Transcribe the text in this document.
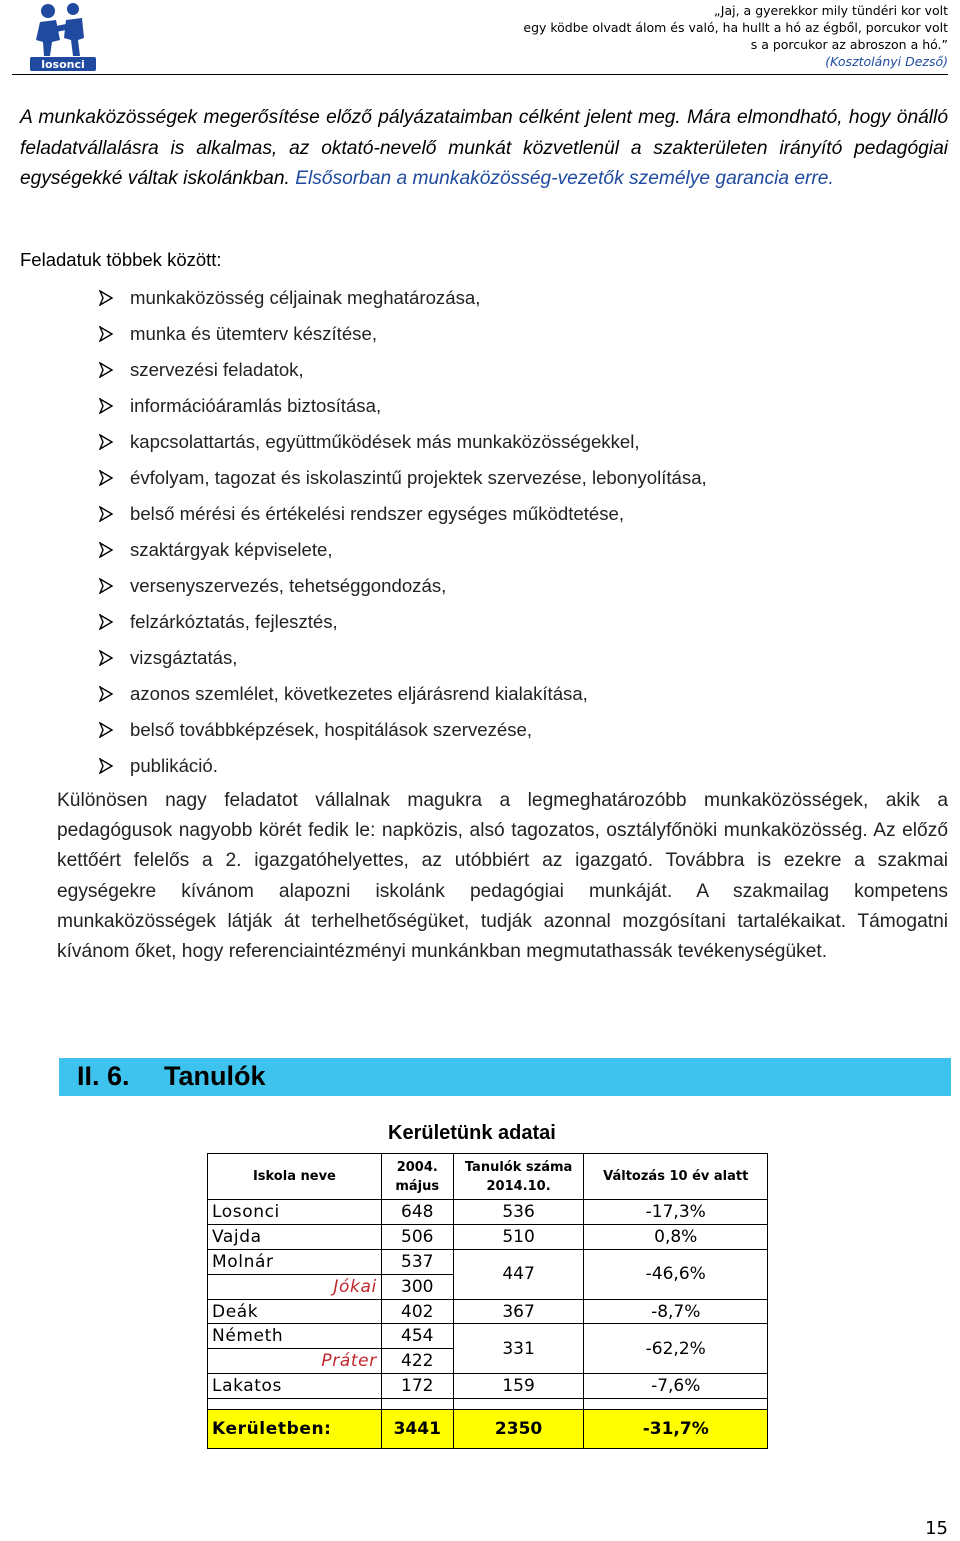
losonci
„Jaj, a gyerekkor mily tündéri kor volt
egy ködbe olvadt álom és való, ha hullt a hó az égből, porcukor volt
s a porcukor az abroszon a hó.”
(Kosztolányi Dezső)
A munkaközösségek megerősítése előző pályázataimban célként jelent meg. Mára elmondható, hogy önálló feladatvállalásra is alkalmas, az oktató-nevelő munkát közvetlenül a szakterületen irányító pedagógiai egységekké váltak iskolánkban. Elsősorban a munkaközösség-vezetők személye garancia erre.
Feladatuk többek között:
munkaközösség céljainak meghatározása,
munka és ütemterv készítése,
szervezési feladatok,
információáramlás biztosítása,
kapcsolattartás, együttműködések más munkaközösségekkel,
évfolyam, tagozat és iskolaszintű projektek szervezése, lebonyolítása,
belső mérési és értékelési rendszer egységes működtetése,
szaktárgyak képviselete,
versenyszervezés, tehetséggondozás,
felzárkóztatás, fejlesztés,
vizsgáztatás,
azonos szemlélet, következetes eljárásrend kialakítása,
belső továbbképzések, hospitálások szervezése,
publikáció.
Különösen nagy feladatot vállalnak magukra a legmeghatározóbb munkaközösségek, akik a pedagógusok nagyobb körét fedik le: napközis, alsó tagozatos, osztályfőnöki munkaközösség. Az előző kettőért felelős a 2. igazgatóhelyettes, az utóbbiért az igazgató. Továbbra is ezekre a szakmai egységekre kívánom alapozni iskolánk pedagógiai munkáját. A szakmailag kompetens munkaközösségek látják át terhelhetőségüket, tudják azonnal mozgósítani tartalékaikat. Támogatni kívánom őket, hogy referenciaintézményi munkánkban megmutathassák tevékenységüket.
II. 6. Tanulók
Kerületünk adatai
Iskola neve	2004. május	Tanulók száma 2014.10.	Változás 10 év alatt
Losonci	648	536	-17,3%
Vajda	506	510	0,8%
Molnár	537	447	-46,6%
Jókai	300		
Deák	402	367	-8,7%
Németh	454	331	-62,2%
Práter	422		
Lakatos	172	159	-7,6%

Kerületben:	3441	2350	-31,7%
15
